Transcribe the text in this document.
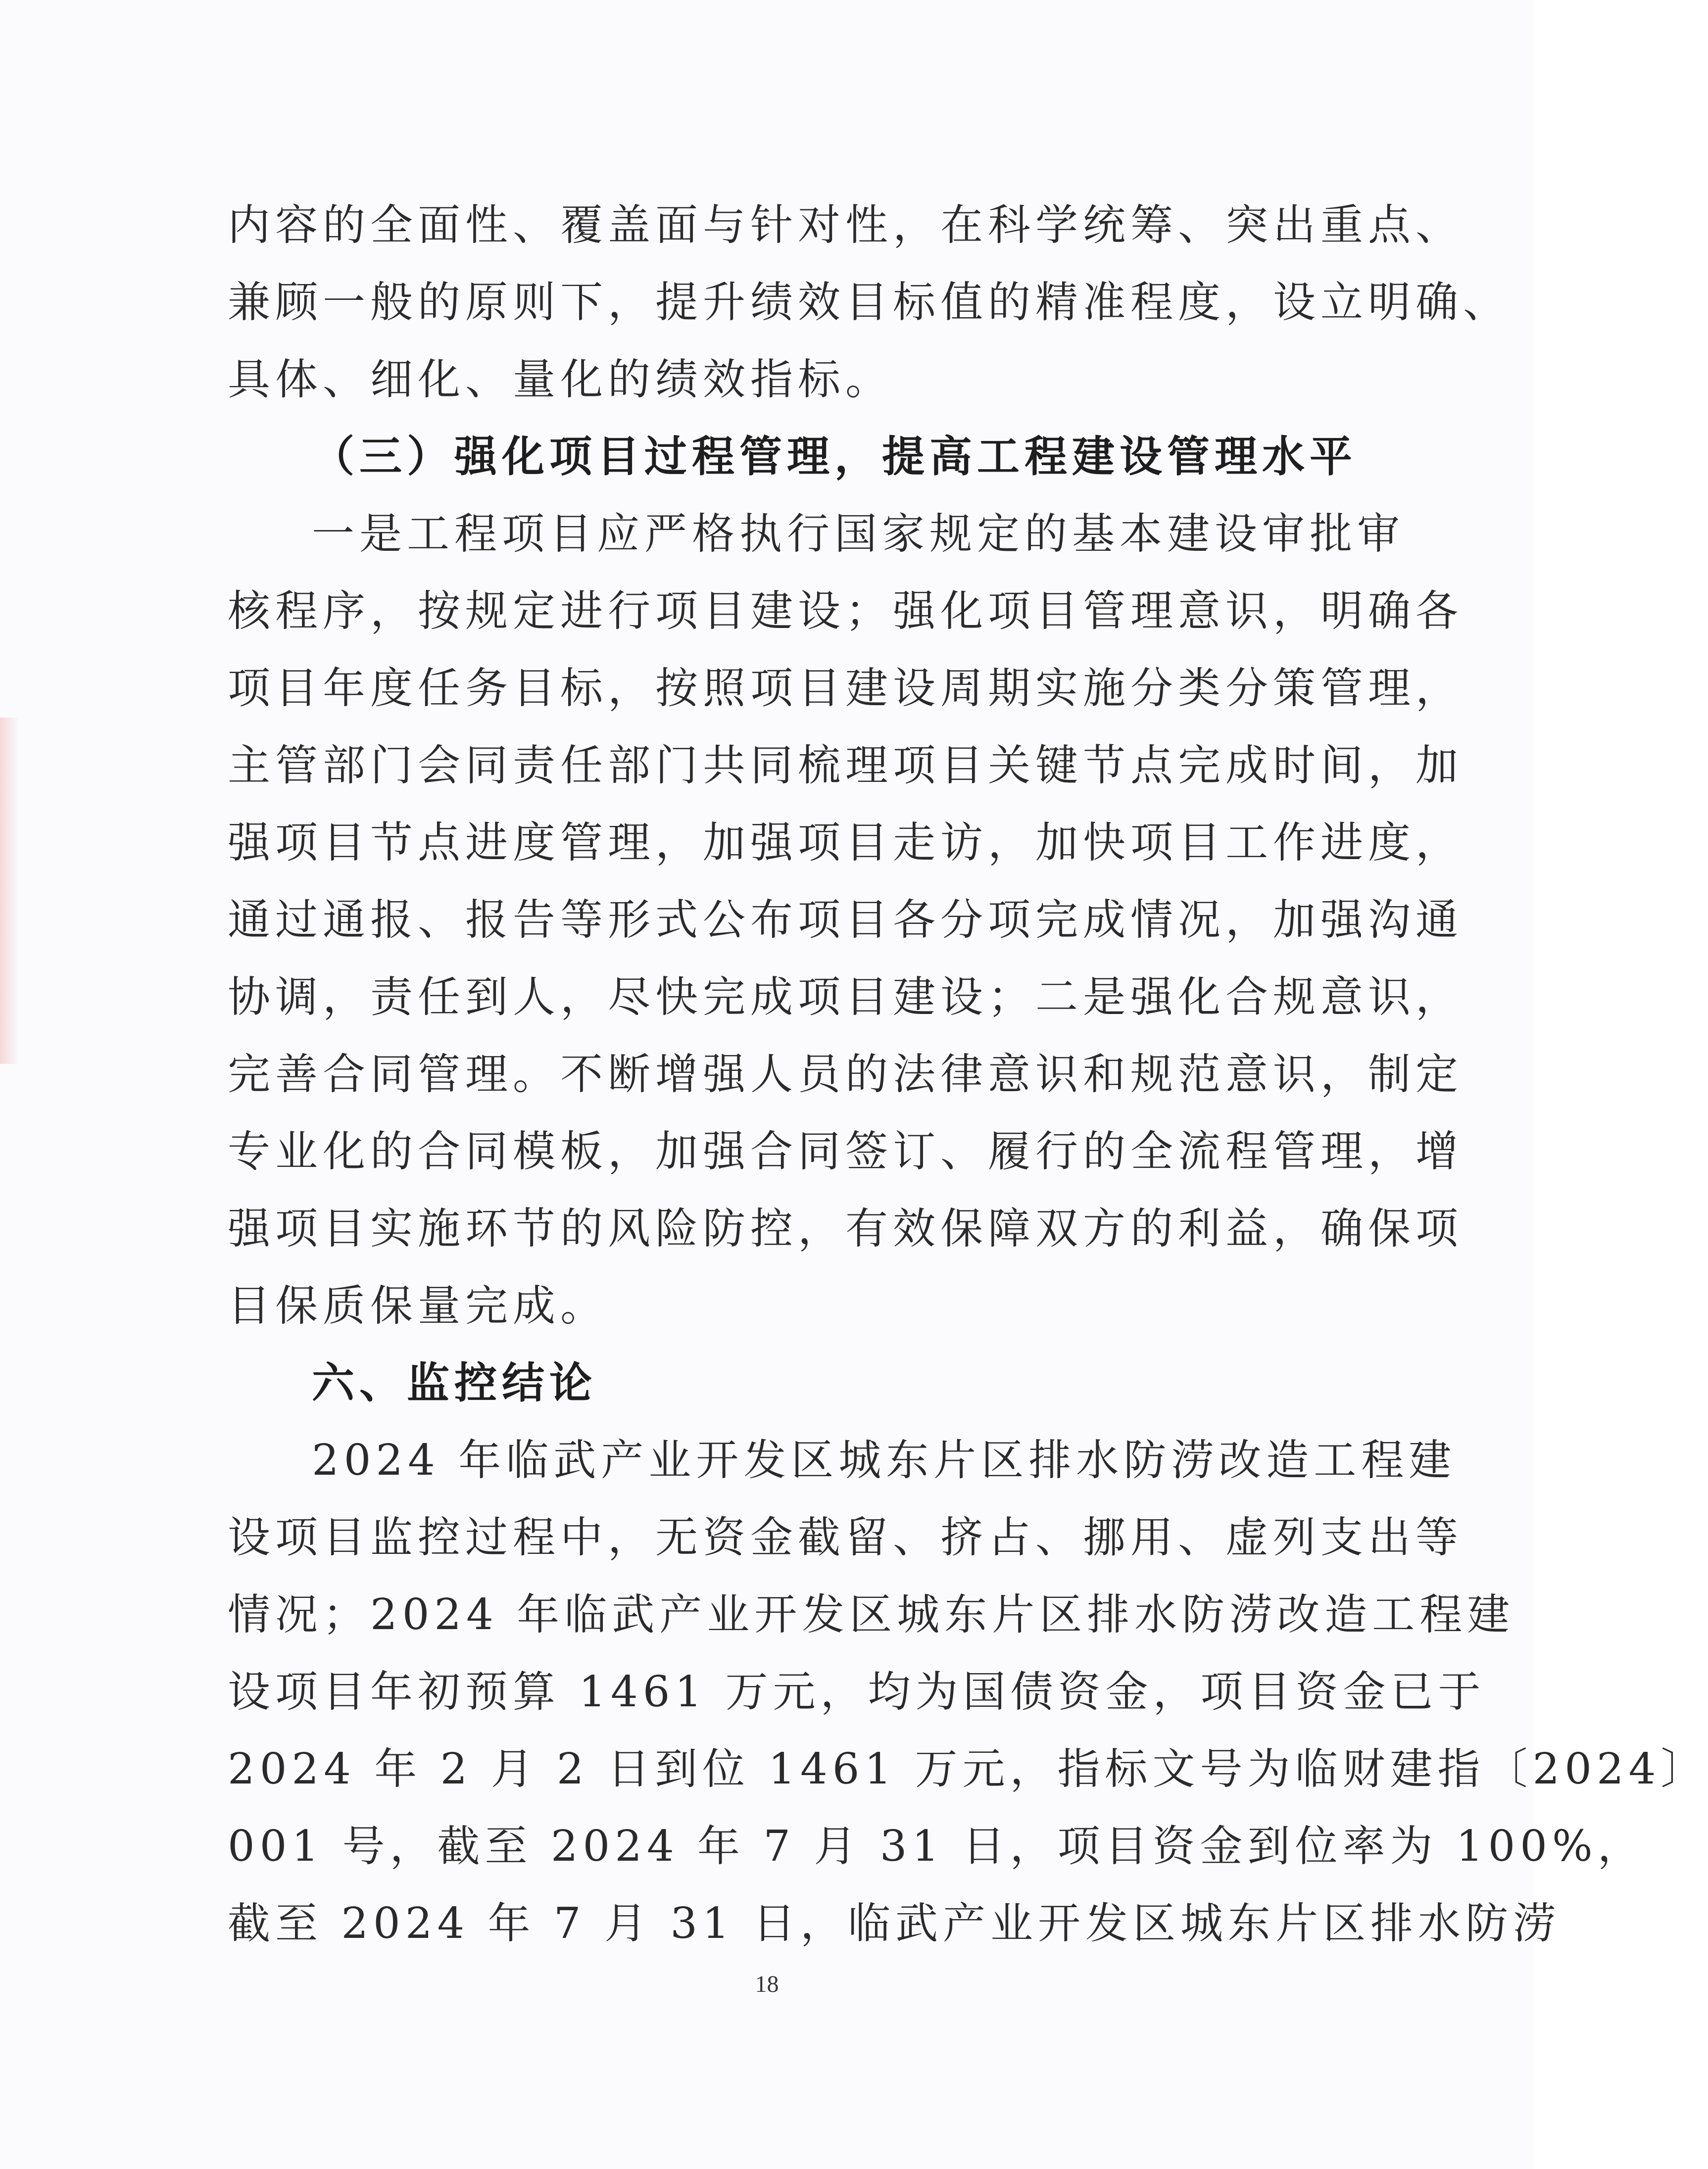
内容的全面性、覆盖面与针对性，在科学统筹、突出重点、
兼顾一般的原则下，提升绩效目标值的精准程度，设立明确、
具体、细化、量化的绩效指标。
（三）强化项目过程管理，提高工程建设管理水平
一是工程项目应严格执行国家规定的基本建设审批审
核程序，按规定进行项目建设；强化项目管理意识，明确各
项目年度任务目标，按照项目建设周期实施分类分策管理，
主管部门会同责任部门共同梳理项目关键节点完成时间，加
强项目节点进度管理，加强项目走访，加快项目工作进度，
通过通报、报告等形式公布项目各分项完成情况，加强沟通
协调，责任到人，尽快完成项目建设；二是强化合规意识，
完善合同管理。不断增强人员的法律意识和规范意识，制定
专业化的合同模板，加强合同签订、履行的全流程管理，增
强项目实施环节的风险防控，有效保障双方的利益，确保项
目保质保量完成。
六、监控结论
2024 年临武产业开发区城东片区排水防涝改造工程建
设项目监控过程中，无资金截留、挤占、挪用、虚列支出等
情况；2024 年临武产业开发区城东片区排水防涝改造工程建
设项目年初预算 1461 万元，均为国债资金，项目资金已于
2024 年 2 月 2 日到位 1461 万元，指标文号为临财建指〔2024〕
001 号，截至 2024 年 7 月 31 日，项目资金到位率为 100%，
截至 2024 年 7 月 31 日，临武产业开发区城东片区排水防涝
18
